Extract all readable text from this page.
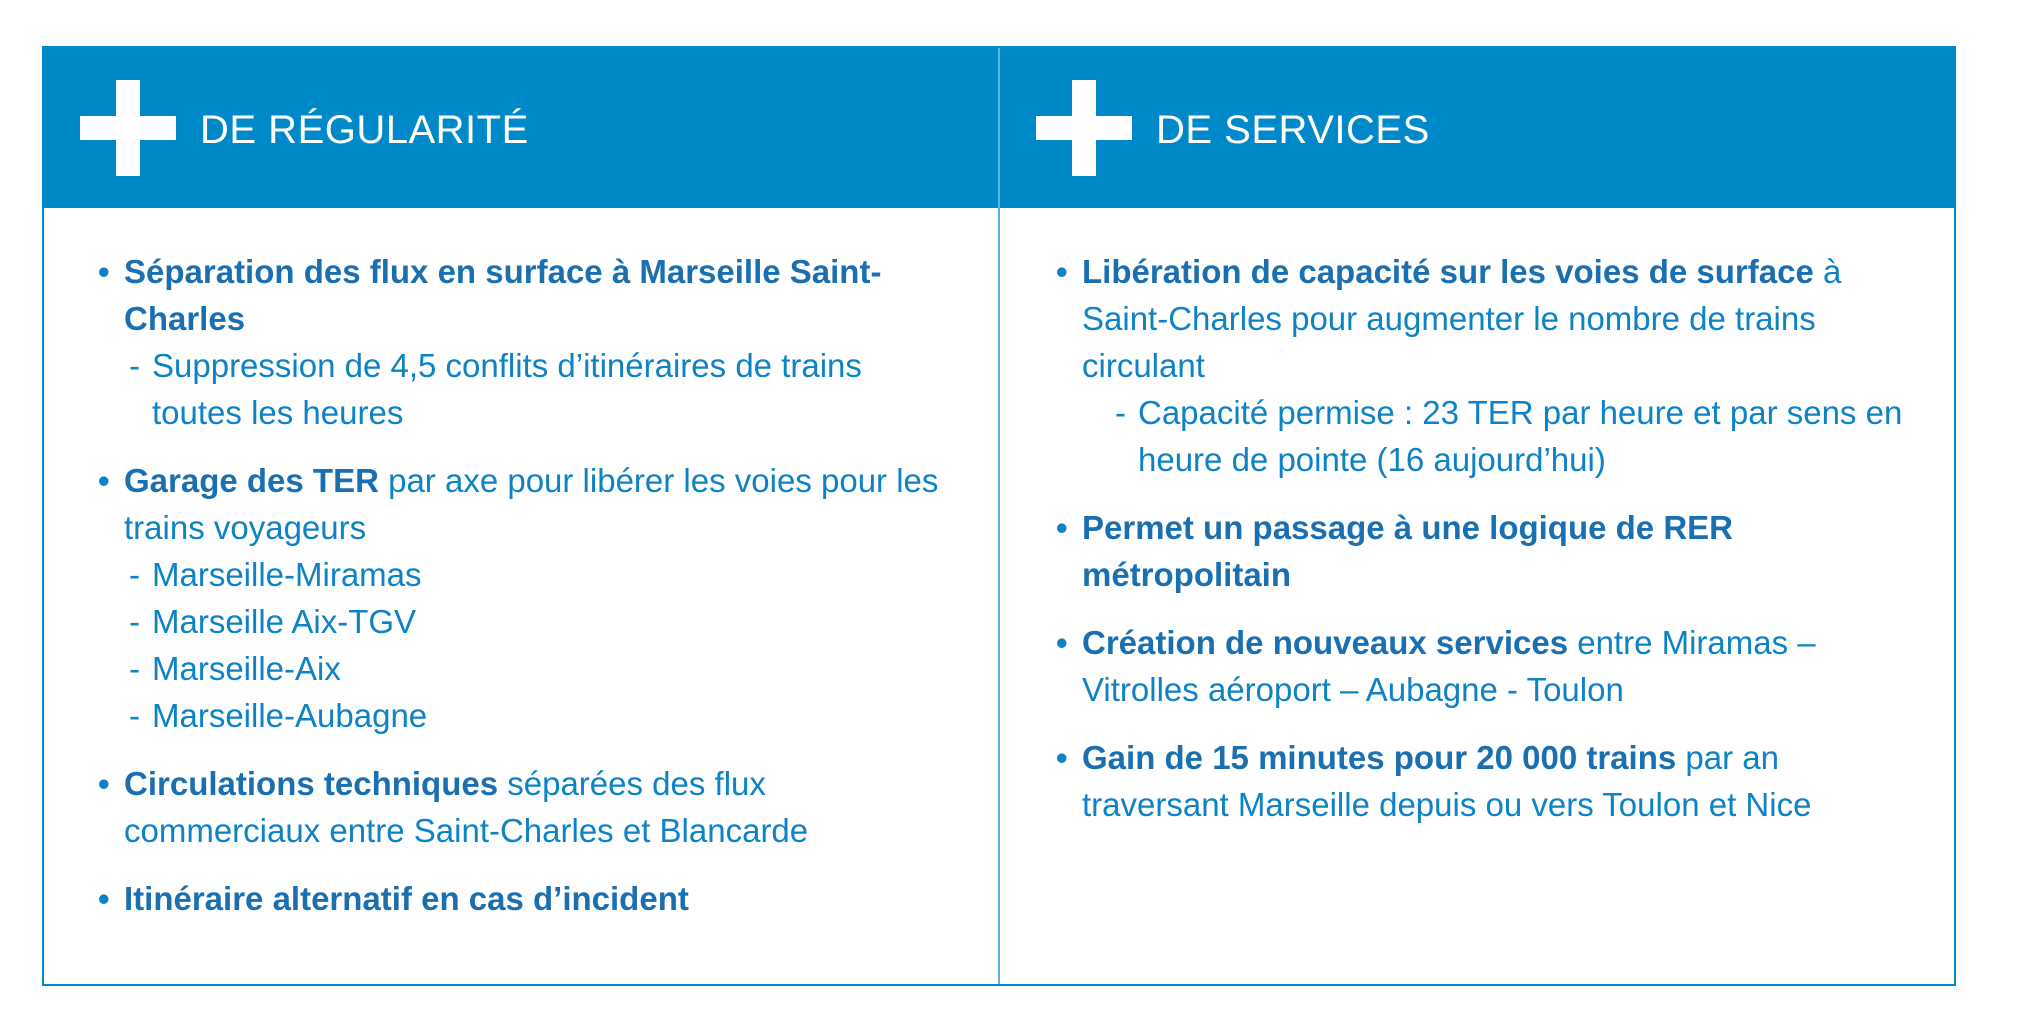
DE RÉGULARITÉ
• Séparation des flux en surface à Marseille Saint-Charles
- Suppression de 4,5 conflits d’itinéraires de trains toutes les heures
• Garage des TER par axe pour libérer les voies pour les trains voyageurs
- Marseille-Miramas
- Marseille Aix-TGV
- Marseille-Aix
- Marseille-Aubagne
• Circulations techniques séparées des flux commerciaux entre Saint-Charles et Blancarde
• Itinéraire alternatif en cas d’incident
DE SERVICES
• Libération de capacité sur les voies de surface à Saint-Charles pour augmenter le nombre de trains circulant
- Capacité permise : 23 TER par heure et par sens en heure de pointe (16 aujourd’hui)
• Permet un passage à une logique de RER métropolitain
• Création de nouveaux services entre Miramas – Vitrolles aéroport – Aubagne - Toulon
• Gain de 15 minutes pour 20 000 trains par an traversant Marseille depuis ou vers Toulon et Nice
